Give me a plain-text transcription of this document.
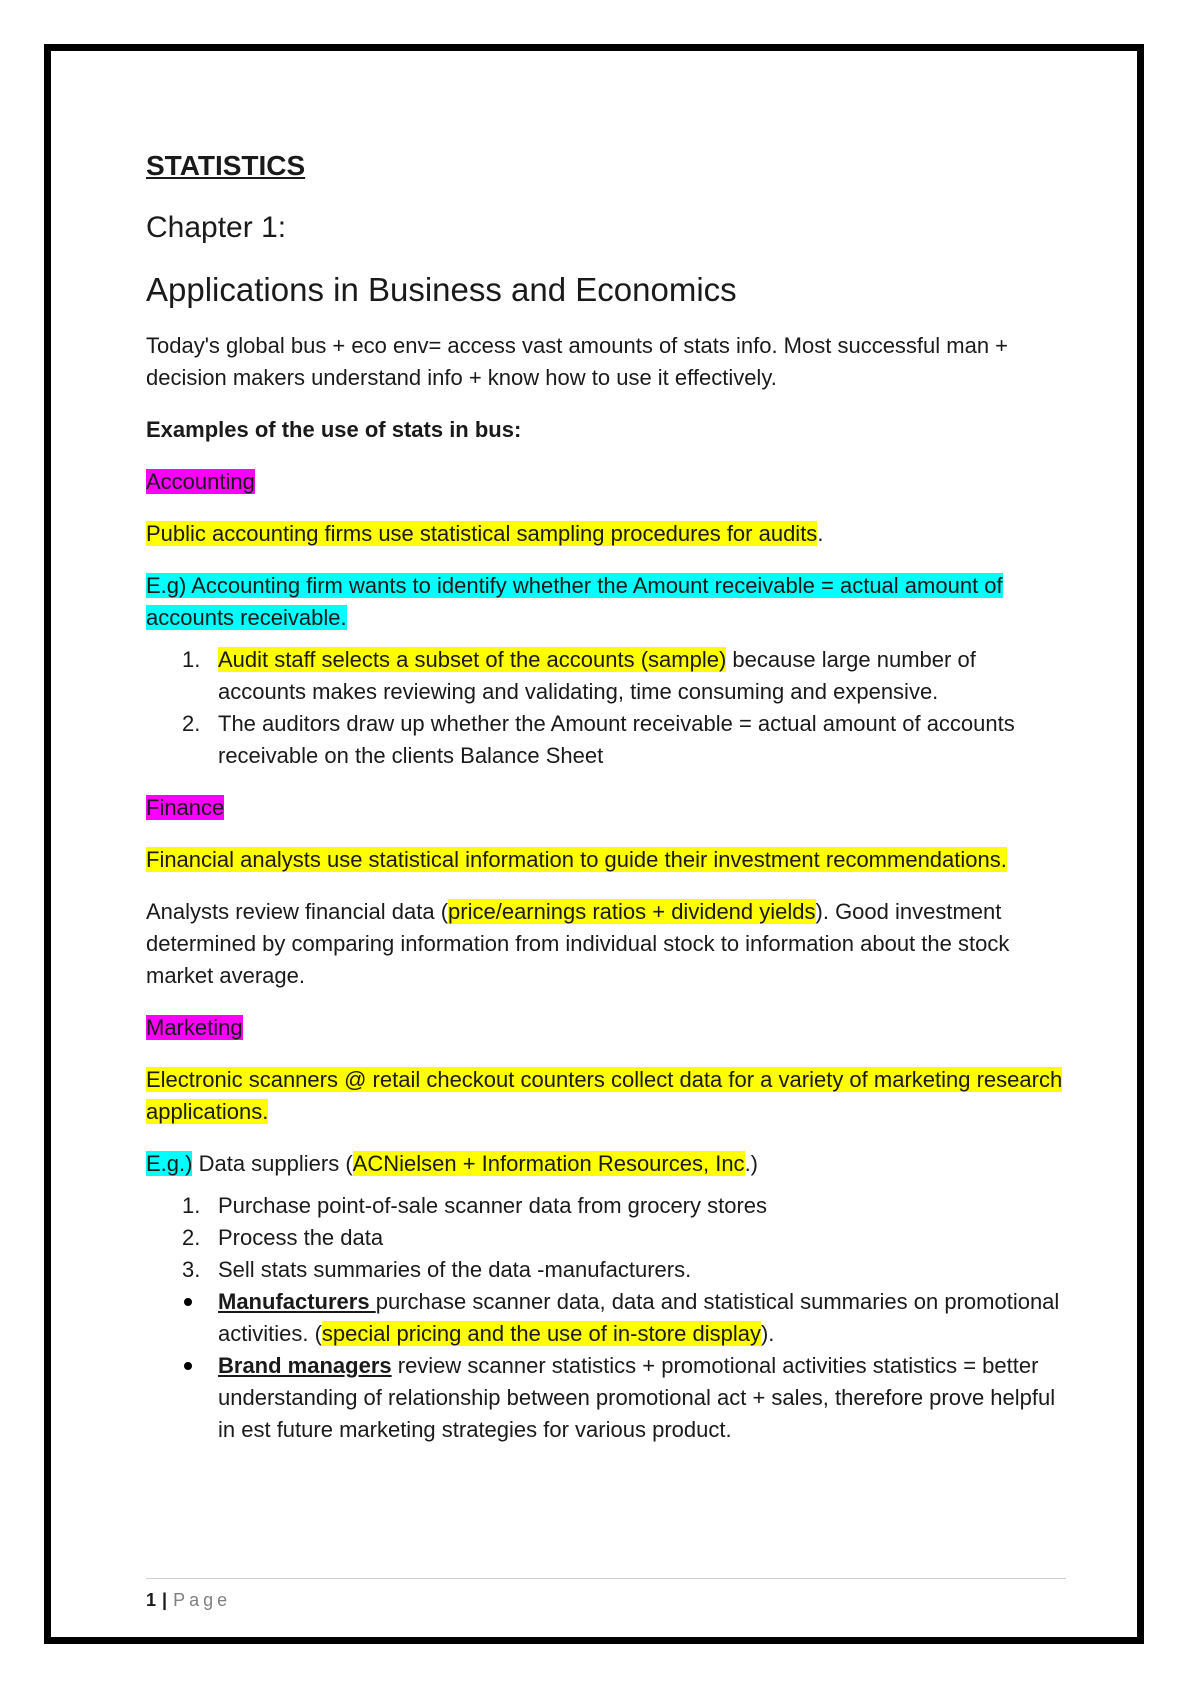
STATISTICS
Chapter 1:
Applications in Business and Economics

Today's global bus + eco env= access vast amounts of stats info. Most successful man + decision makers understand info + know how to use it effectively.

Examples of the use of stats in bus:

Accounting

Public accounting firms use statistical sampling procedures for audits.

E.g) Accounting firm wants to identify whether the Amount receivable = actual amount of accounts receivable.

1. Audit staff selects a subset of the accounts (sample) because large number of accounts makes reviewing and validating, time consuming and expensive.
2. The auditors draw up whether the Amount receivable = actual amount of accounts receivable on the clients Balance Sheet

Finance

Financial analysts use statistical information to guide their investment recommendations.

Analysts review financial data (price/earnings ratios + dividend yields). Good investment determined by comparing information from individual stock to information about the stock market average.

Marketing

Electronic scanners @ retail checkout counters collect data for a variety of marketing research applications.

E.g.) Data suppliers (ACNielsen + Information Resources, Inc.)

1. Purchase point-of-sale scanner data from grocery stores
2. Process the data
3. Sell stats summaries of the data -manufacturers.
Manufacturers purchase scanner data, data and statistical summaries on promotional activities. (special pricing and the use of in-store display).
Brand managers review scanner statistics + promotional activities statistics = better understanding of relationship between promotional act + sales, therefore prove helpful in est future marketing strategies for various product.
1 | Page
